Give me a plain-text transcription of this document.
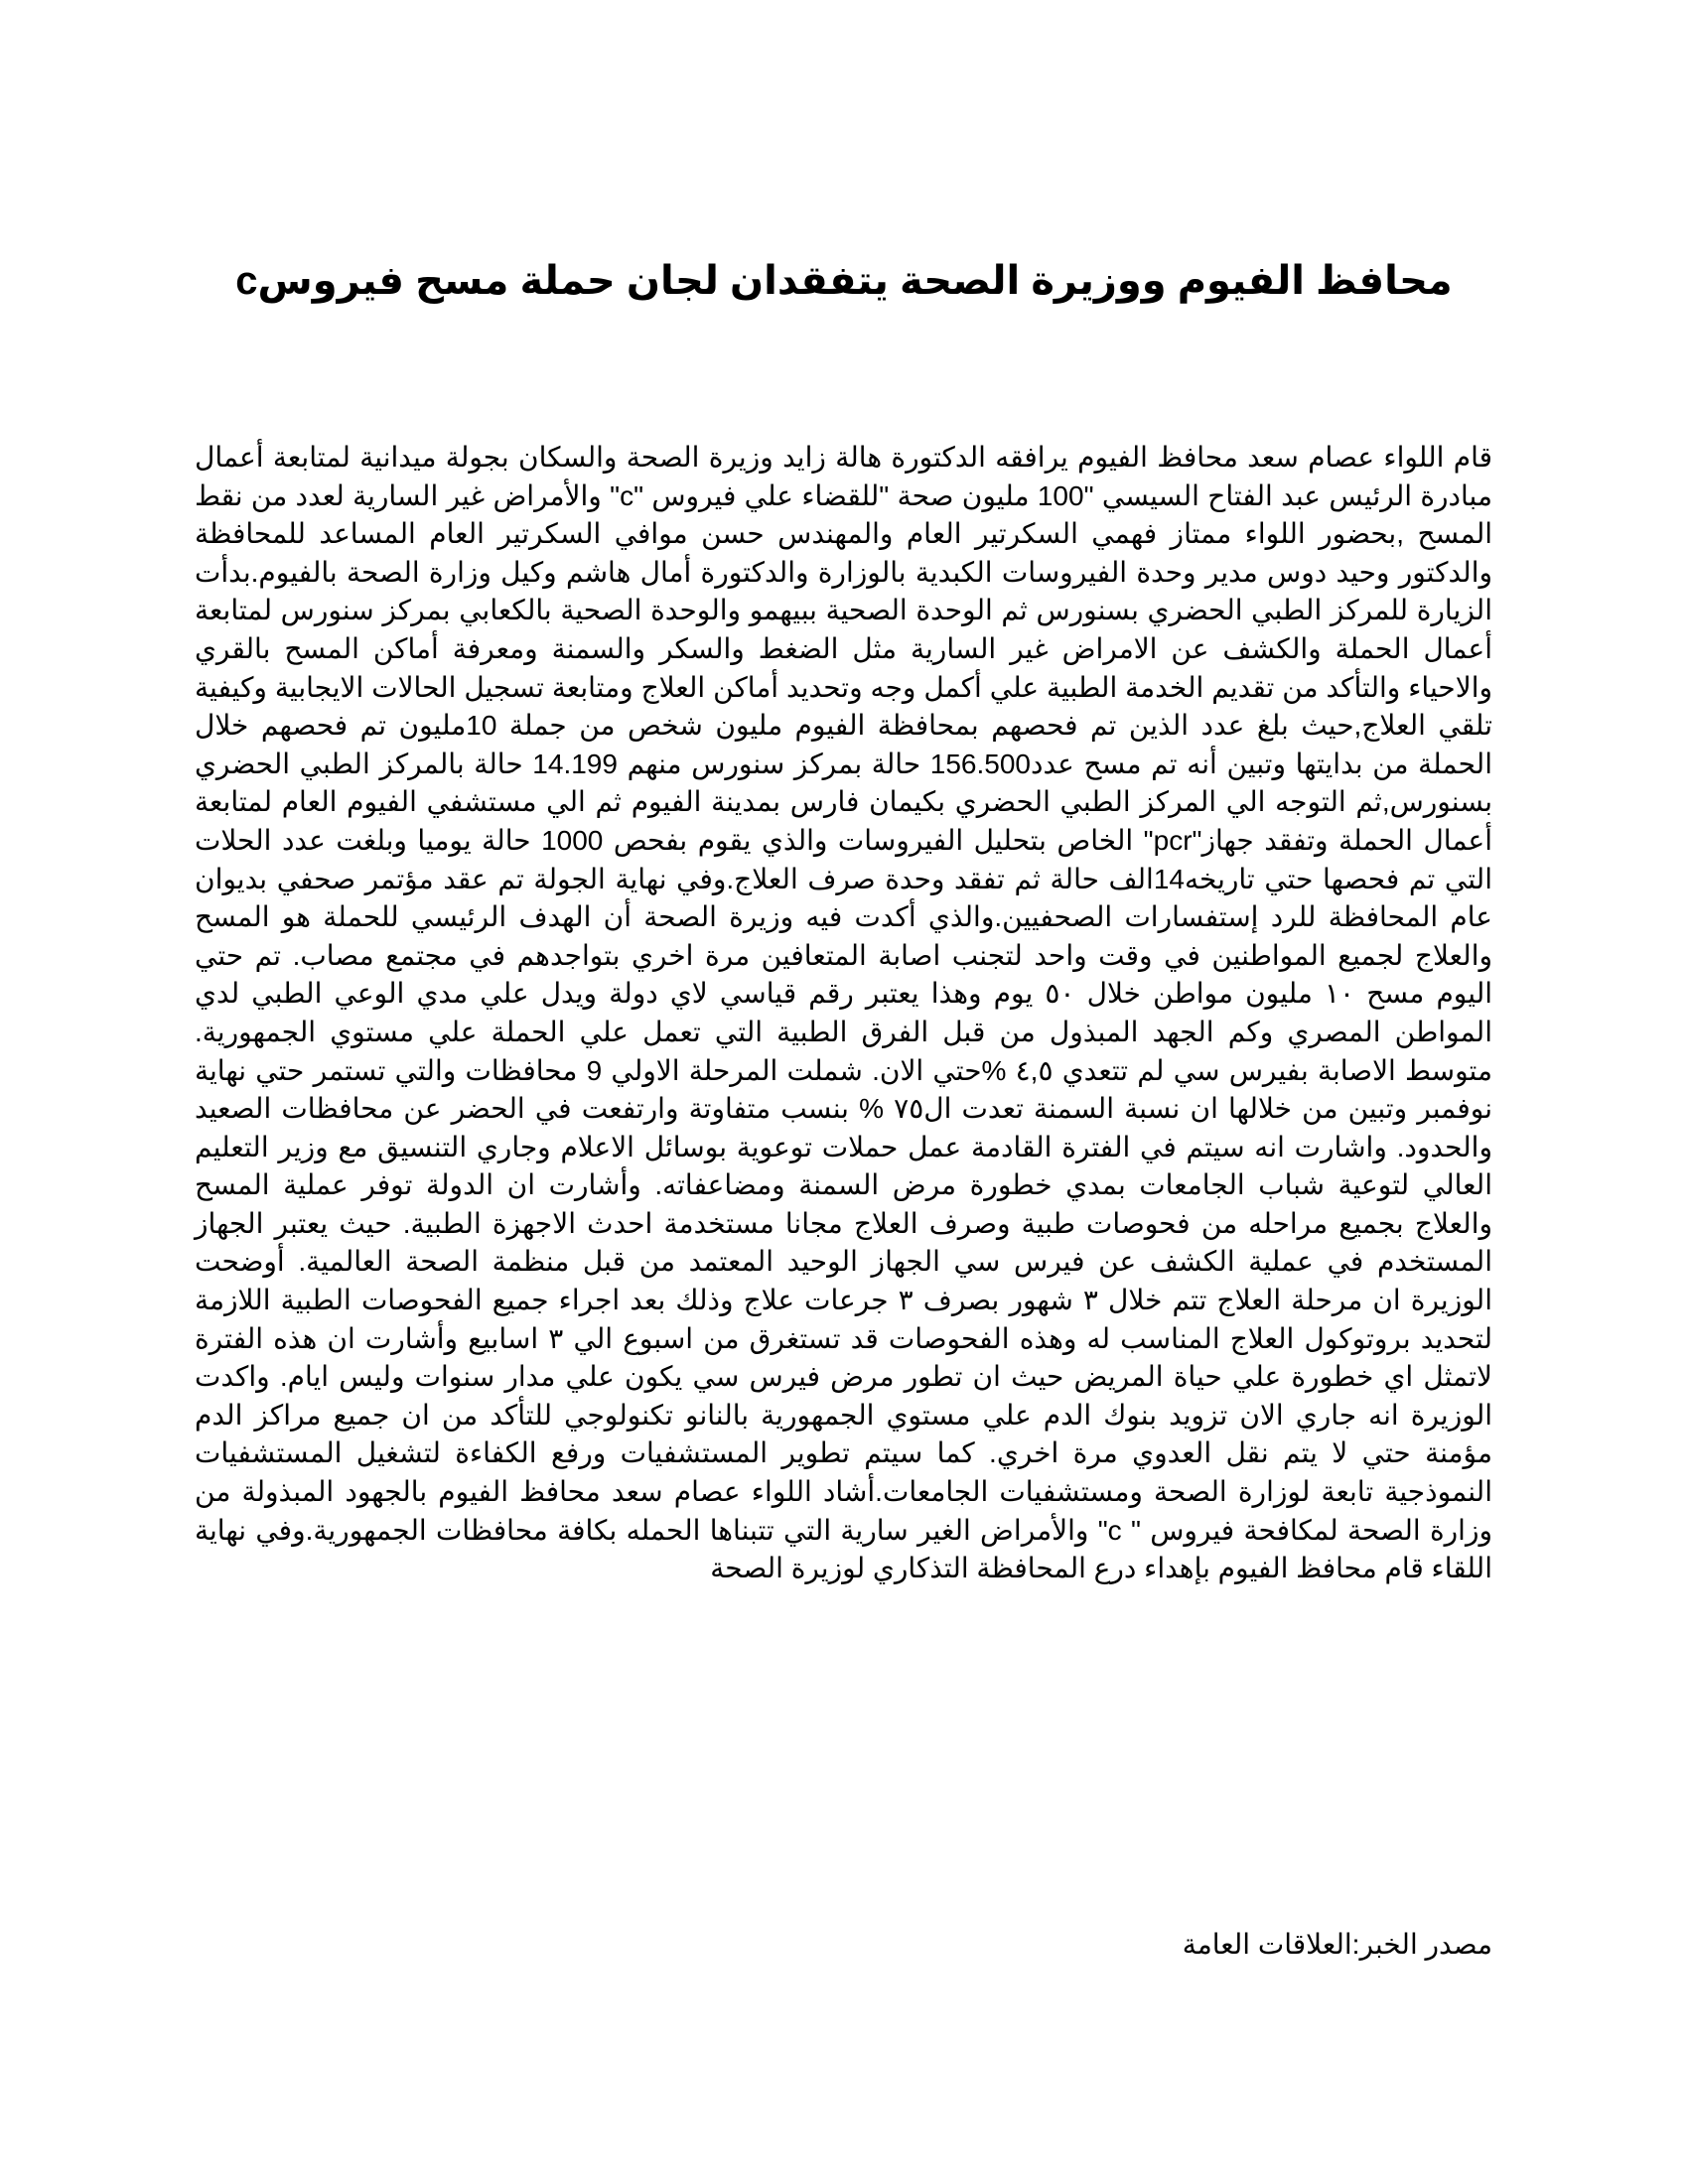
محافظ الفيوم ووزيرة الصحة يتفقدان لجان حملة مسح فيروسc

قام اللواء عصام سعد محافظ الفيوم يرافقه الدكتورة هالة زايد وزيرة الصحة والسكان بجولة ميدانية لمتابعة أعمال مبادرة الرئيس عبد الفتاح السيسي "100 مليون صحة "للقضاء علي فيروس "c" والأمراض غير السارية لعدد من نقط المسح ,بحضور اللواء ممتاز فهمي السكرتير العام والمهندس حسن موافي السكرتير العام المساعد للمحافظة والدكتور وحيد دوس مدير وحدة الفيروسات الكبدية بالوزارة والدكتورة أمال هاشم وكيل وزارة الصحة بالفيوم.بدأت الزيارة للمركز الطبي الحضري بسنورس ثم الوحدة الصحية ببيهمو والوحدة الصحية بالكعابي بمركز سنورس لمتابعة أعمال الحملة والكشف عن الامراض غير السارية مثل الضغط والسكر والسمنة ومعرفة أماكن المسح بالقري والاحياء والتأكد من تقديم الخدمة الطبية علي أكمل وجه وتحديد أماكن العلاج ومتابعة تسجيل الحالات الايجابية وكيفية تلقي العلاج,حيث بلغ عدد الذين تم فحصهم بمحافظة الفيوم مليون شخص من جملة 10مليون تم فحصهم خلال الحملة من بدايتها وتبين أنه تم مسح عدد156.500 حالة بمركز سنورس منهم 14.199 حالة بالمركز الطبي الحضري بسنورس,ثم التوجه الي المركز الطبي الحضري بكيمان فارس بمدينة الفيوم ثم الي مستشفي الفيوم العام لمتابعة أعمال الحملة وتفقد جهاز"pcr" الخاص بتحليل الفيروسات والذي يقوم بفحص 1000 حالة يوميا وبلغت عدد الحلات التي تم فحصها حتي تاريخه14الف حالة ثم تفقد وحدة صرف العلاج.وفي نهاية الجولة تم عقد مؤتمر صحفي بديوان عام المحافظة للرد إستفسارات الصحفيين.والذي أكدت فيه وزيرة الصحة أن الهدف الرئيسي للحملة هو المسح والعلاج لجميع المواطنين في وقت واحد لتجنب اصابة المتعافين مرة اخري بتواجدهم في مجتمع مصاب. تم حتي اليوم مسح ١٠ مليون مواطن خلال ٥٠ يوم وهذا يعتبر رقم قياسي لاي دولة ويدل علي مدي الوعي الطبي لدي المواطن المصري وكم الجهد المبذول من قبل الفرق الطبية التي تعمل علي الحملة علي مستوي الجمهورية. متوسط الاصابة بفيرس سي لم تتعدي ٤,٥ %حتي الان. شملت المرحلة الاولي 9 محافظات والتي تستمر حتي نهاية نوفمبر وتبين من خلالها ان نسبة السمنة تعدت ال٧٥ % بنسب متفاوتة وارتفعت في الحضر عن محافظات الصعيد والحدود. واشارت انه سيتم في الفترة القادمة عمل حملات توعوية بوسائل الاعلام وجاري التنسيق مع وزير التعليم العالي لتوعية شباب الجامعات بمدي خطورة مرض السمنة ومضاعفاته. وأشارت ان الدولة توفر عملية المسح والعلاج بجميع مراحله من فحوصات طبية وصرف العلاج مجانا مستخدمة احدث الاجهزة الطبية. حيث يعتبر الجهاز المستخدم في عملية الكشف عن فيرس سي الجهاز الوحيد المعتمد من قبل منظمة الصحة العالمية. أوضحت الوزيرة ان مرحلة العلاج تتم خلال ٣ شهور بصرف ٣ جرعات علاج وذلك بعد اجراء جميع الفحوصات الطبية اللازمة لتحديد بروتوكول العلاج المناسب له وهذه الفحوصات قد تستغرق من اسبوع الي ٣ اسابيع وأشارت ان هذه الفترة لاتمثل اي خطورة علي حياة المريض حيث ان تطور مرض فيرس سي يكون علي مدار سنوات وليس ايام. واكدت الوزيرة انه جاري الان تزويد بنوك الدم علي مستوي الجمهورية بالنانو تكنولوجي للتأكد من ان جميع مراكز الدم مؤمنة حتي لا يتم نقل العدوي مرة اخري. كما سيتم تطوير المستشفيات ورفع الكفاءة لتشغيل المستشفيات النموذجية تابعة لوزارة الصحة ومستشفيات الجامعات.أشاد اللواء عصام سعد محافظ الفيوم بالجهود المبذولة من وزارة الصحة لمكافحة فيروس " c" والأمراض الغير سارية التي تتبناها الحمله بكافة محافظات الجمهورية.وفي نهاية اللقاء قام محافظ الفيوم بإهداء درع المحافظة التذكاري لوزيرة الصحة

مصدر الخبر:العلاقات العامة
